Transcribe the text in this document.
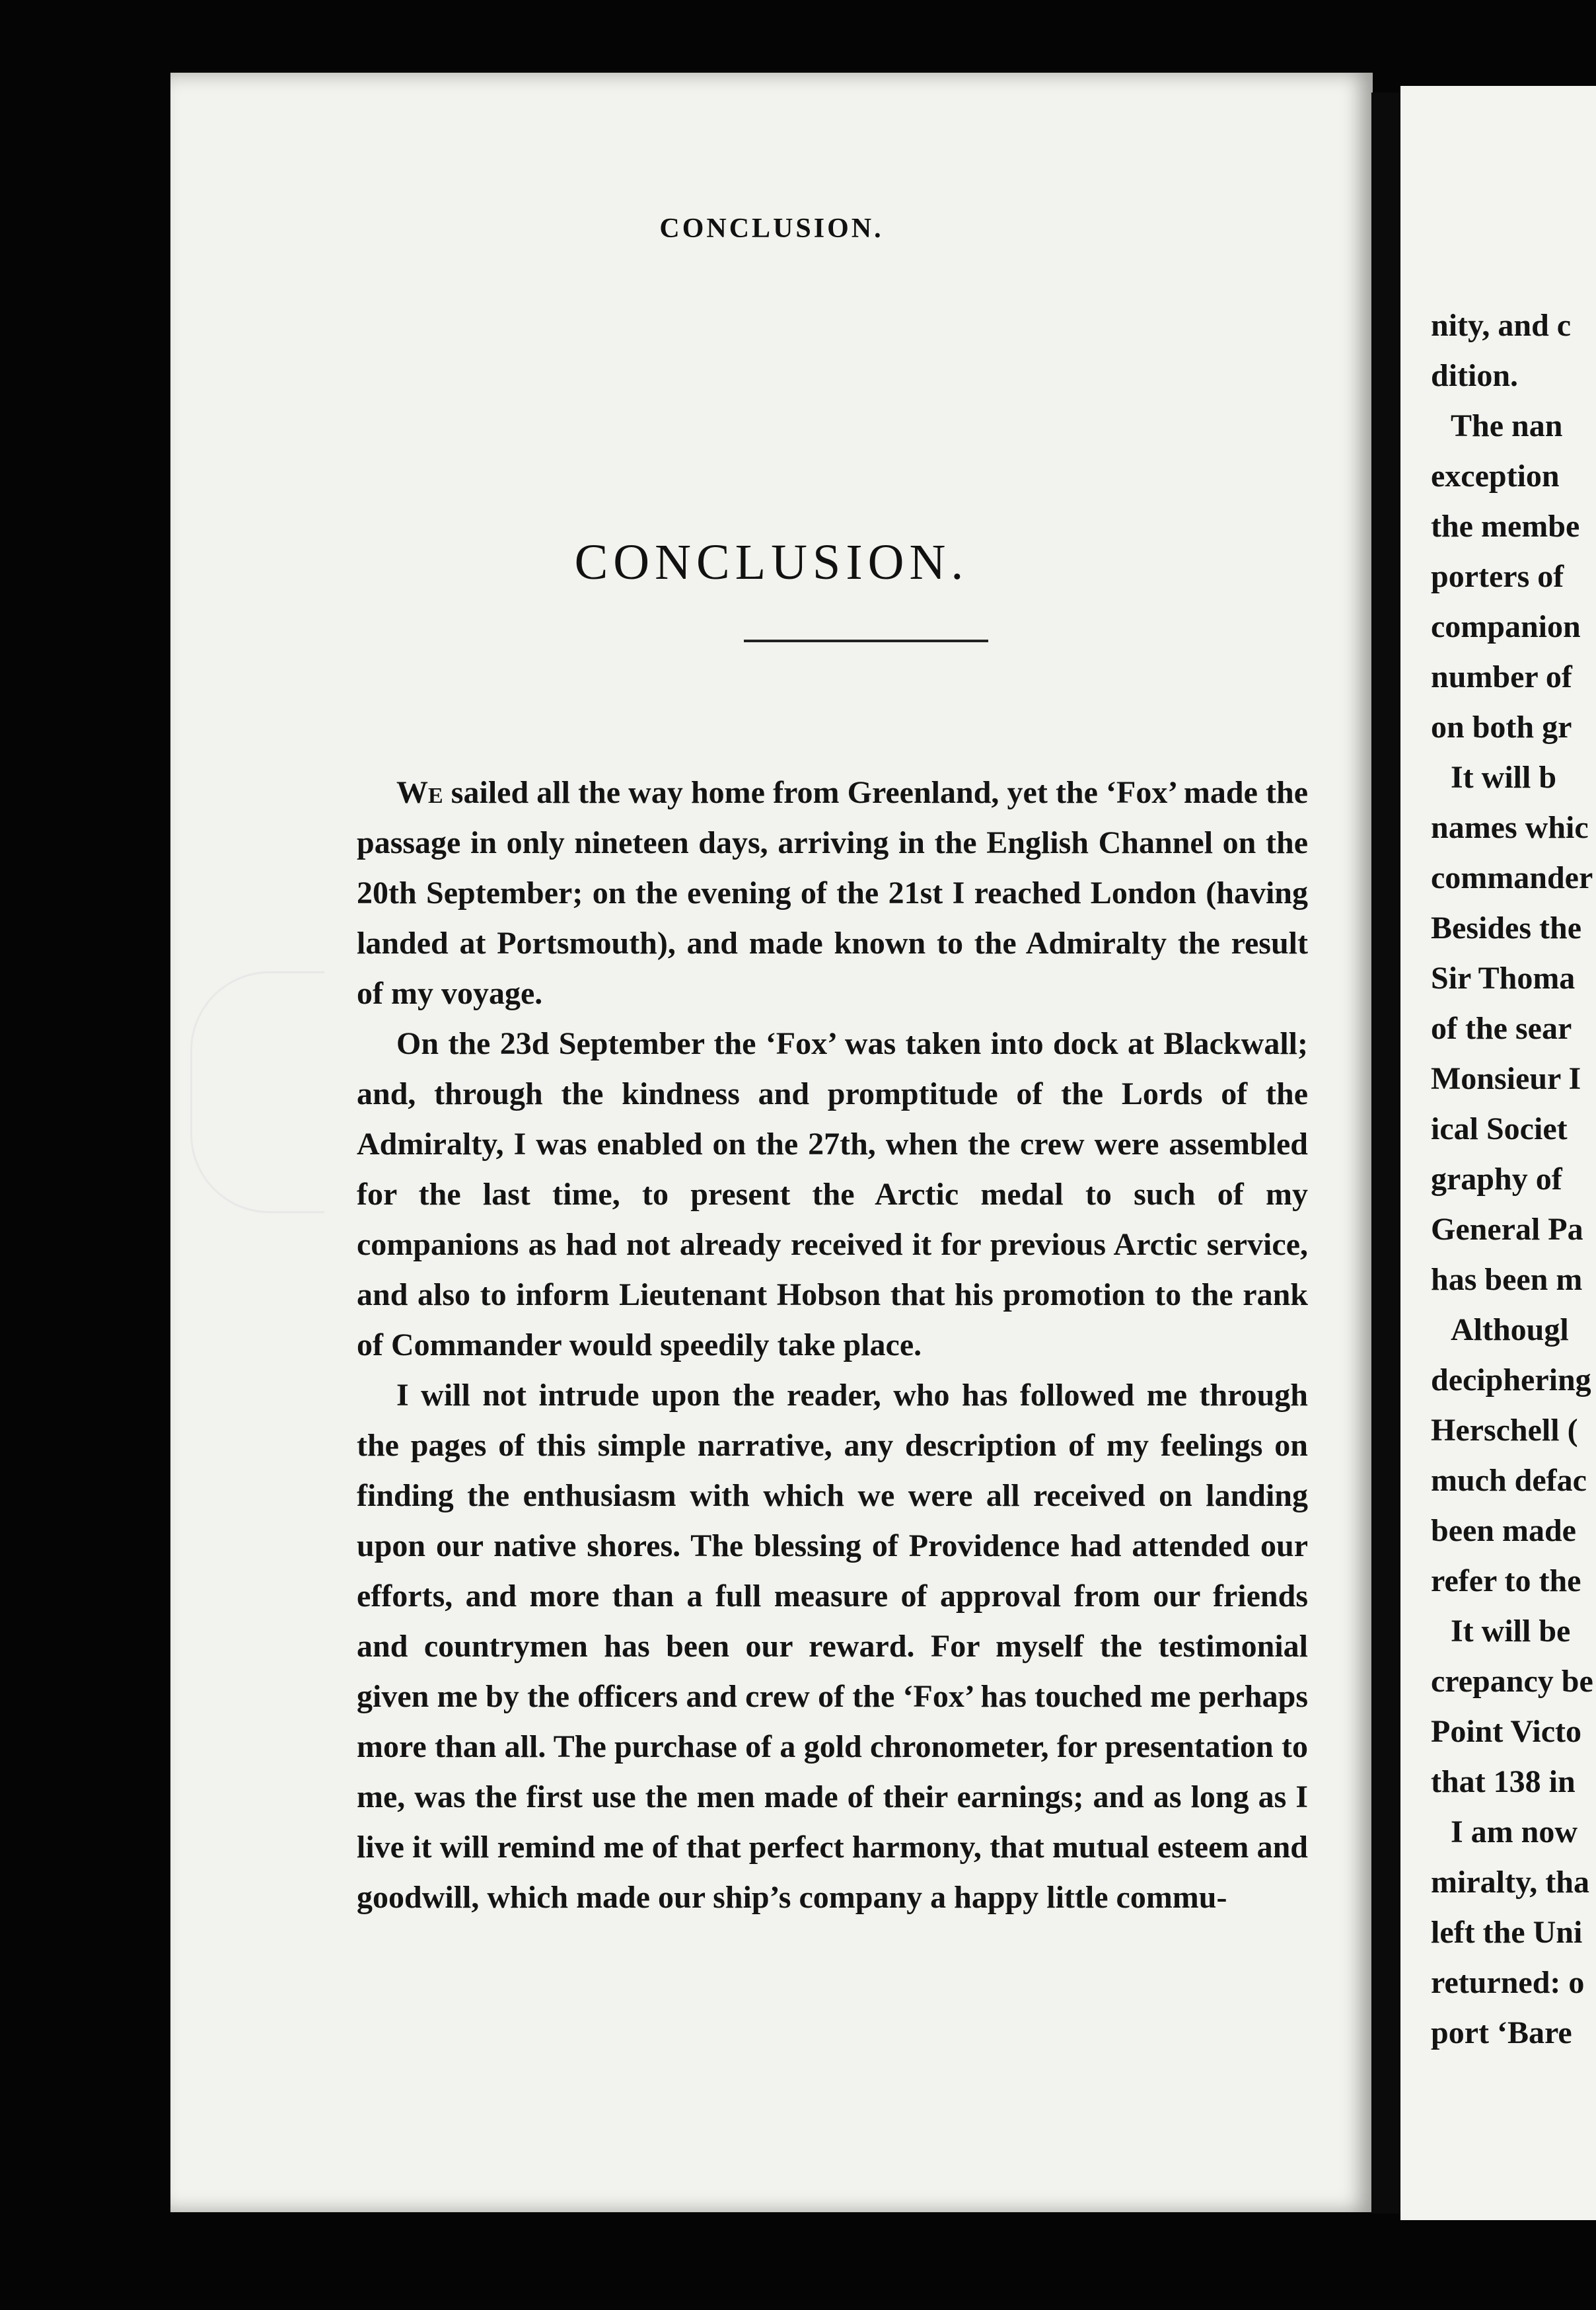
CONCLUSION.
CONCLUSION.

We sailed all the way home from Greenland, yet the ‘Fox’ made the passage in only nineteen days, arriving in the English Channel on the 20th September; on the evening of the 21st I reached London (having landed at Portsmouth), and made known to the Admiralty the result of my voyage.

On the 23d September the ‘Fox’ was taken into dock at Blackwall; and, through the kindness and promptitude of the Lords of the Admiralty, I was enabled on the 27th, when the crew were assembled for the last time, to present the Arctic medal to such of my companions as had not already received it for previous Arctic service, and also to inform Lieutenant Hobson that his promotion to the rank of Commander would speedily take place.

I will not intrude upon the reader, who has followed me through the pages of this simple narrative, any description of my feelings on finding the enthusiasm with which we were all received on landing upon our native shores. The blessing of Providence had attended our efforts, and more than a full measure of approval from our friends and countrymen has been our reward. For myself the testimonial given me by the officers and crew of the ‘Fox’ has touched me perhaps more than all. The purchase of a gold chronometer, for presentation to me, was the first use the men made of their earnings; and as long as I live it will remind me of that perfect harmony, that mutual esteem and goodwill, which made our ship’s company a happy little commu-

nity, and c
dition.
The nan
exception
the membe
porters of
companion
number of
on both gr
It will b
names whic
commander
Besides the
Sir Thoma
of the sear
Monsieur I
ical Societ
graphy of
General Pa
has been m
Althougl
deciphering
Herschell (
much defac
been made
refer to the
It will be
crepancy be
Point Victo
that 138 in
I am now
miralty, tha
left the Uni
returned: o
port ‘Bare
